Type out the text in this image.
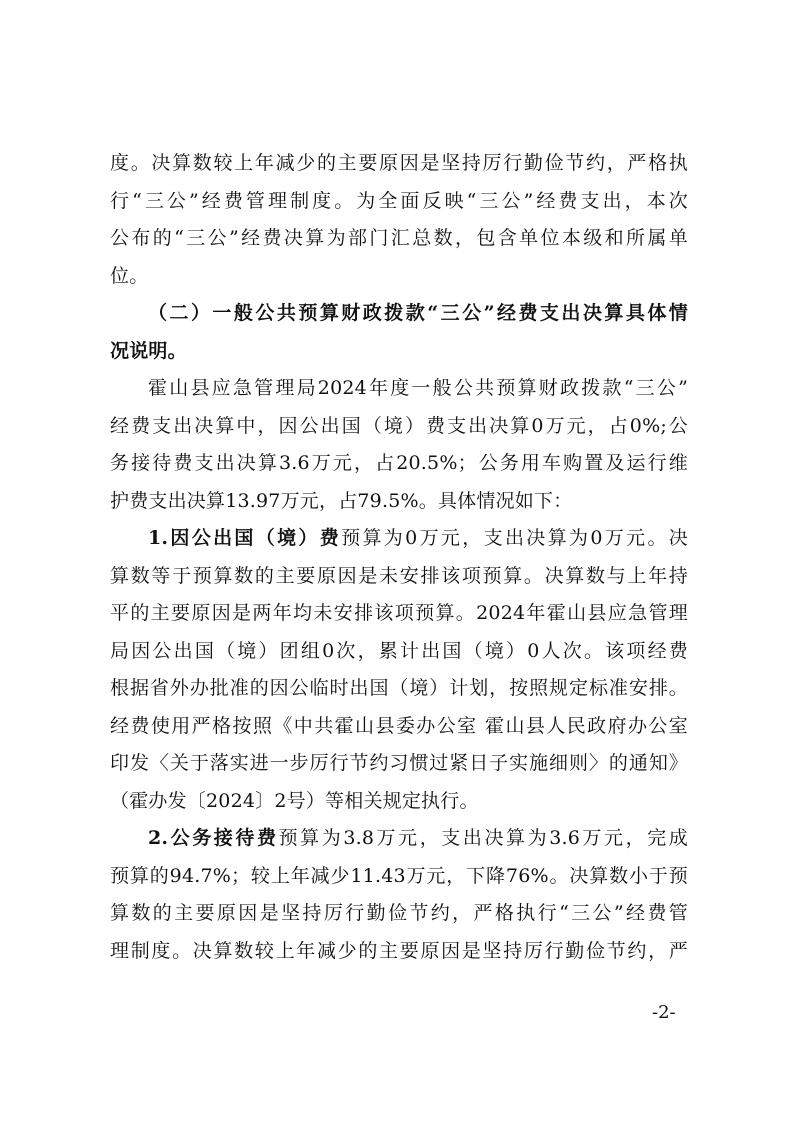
度。决算数较上年减少的主要原因是坚持厉行勤俭节约，严格执
行“三公”经费管理制度。为全面反映“三公”经费支出，本次
公布的“三公”经费决算为部门汇总数，包含单位本级和所属单
位。
（二）一般公共预算财政拨款“三公”经费支出决算具体情
况说明。
霍山县应急管理局2024年度一般公共预算财政拨款“三公”
经费支出决算中，因公出国（境）费支出决算0万元，占0%;公
务接待费支出决算3.6万元，占20.5%；公务用车购置及运行维
护费支出决算13.97万元，占79.5%。具体情况如下：
1.因公出国（境）费预算为0万元，支出决算为0万元。决
算数等于预算数的主要原因是未安排该项预算。决算数与上年持
平的主要原因是两年均未安排该项预算。2024年霍山县应急管理
局因公出国（境）团组0次，累计出国（境）0人次。该项经费
根据省外办批准的因公临时出国（境）计划，按照规定标准安排。
经费使用严格按照《中共霍山县委办公室 霍山县人民政府办公室
印发〈关于落实进一步厉行节约习惯过紧日子实施细则〉的通知》
（霍办发〔2024〕2号）等相关规定执行。
2.公务接待费预算为3.8万元，支出决算为3.6万元，完成
预算的94.7%；较上年减少11.43万元，下降76%。决算数小于预
算数的主要原因是坚持厉行勤俭节约，严格执行“三公”经费管
理制度。决算数较上年减少的主要原因是坚持厉行勤俭节约，严
-2-
